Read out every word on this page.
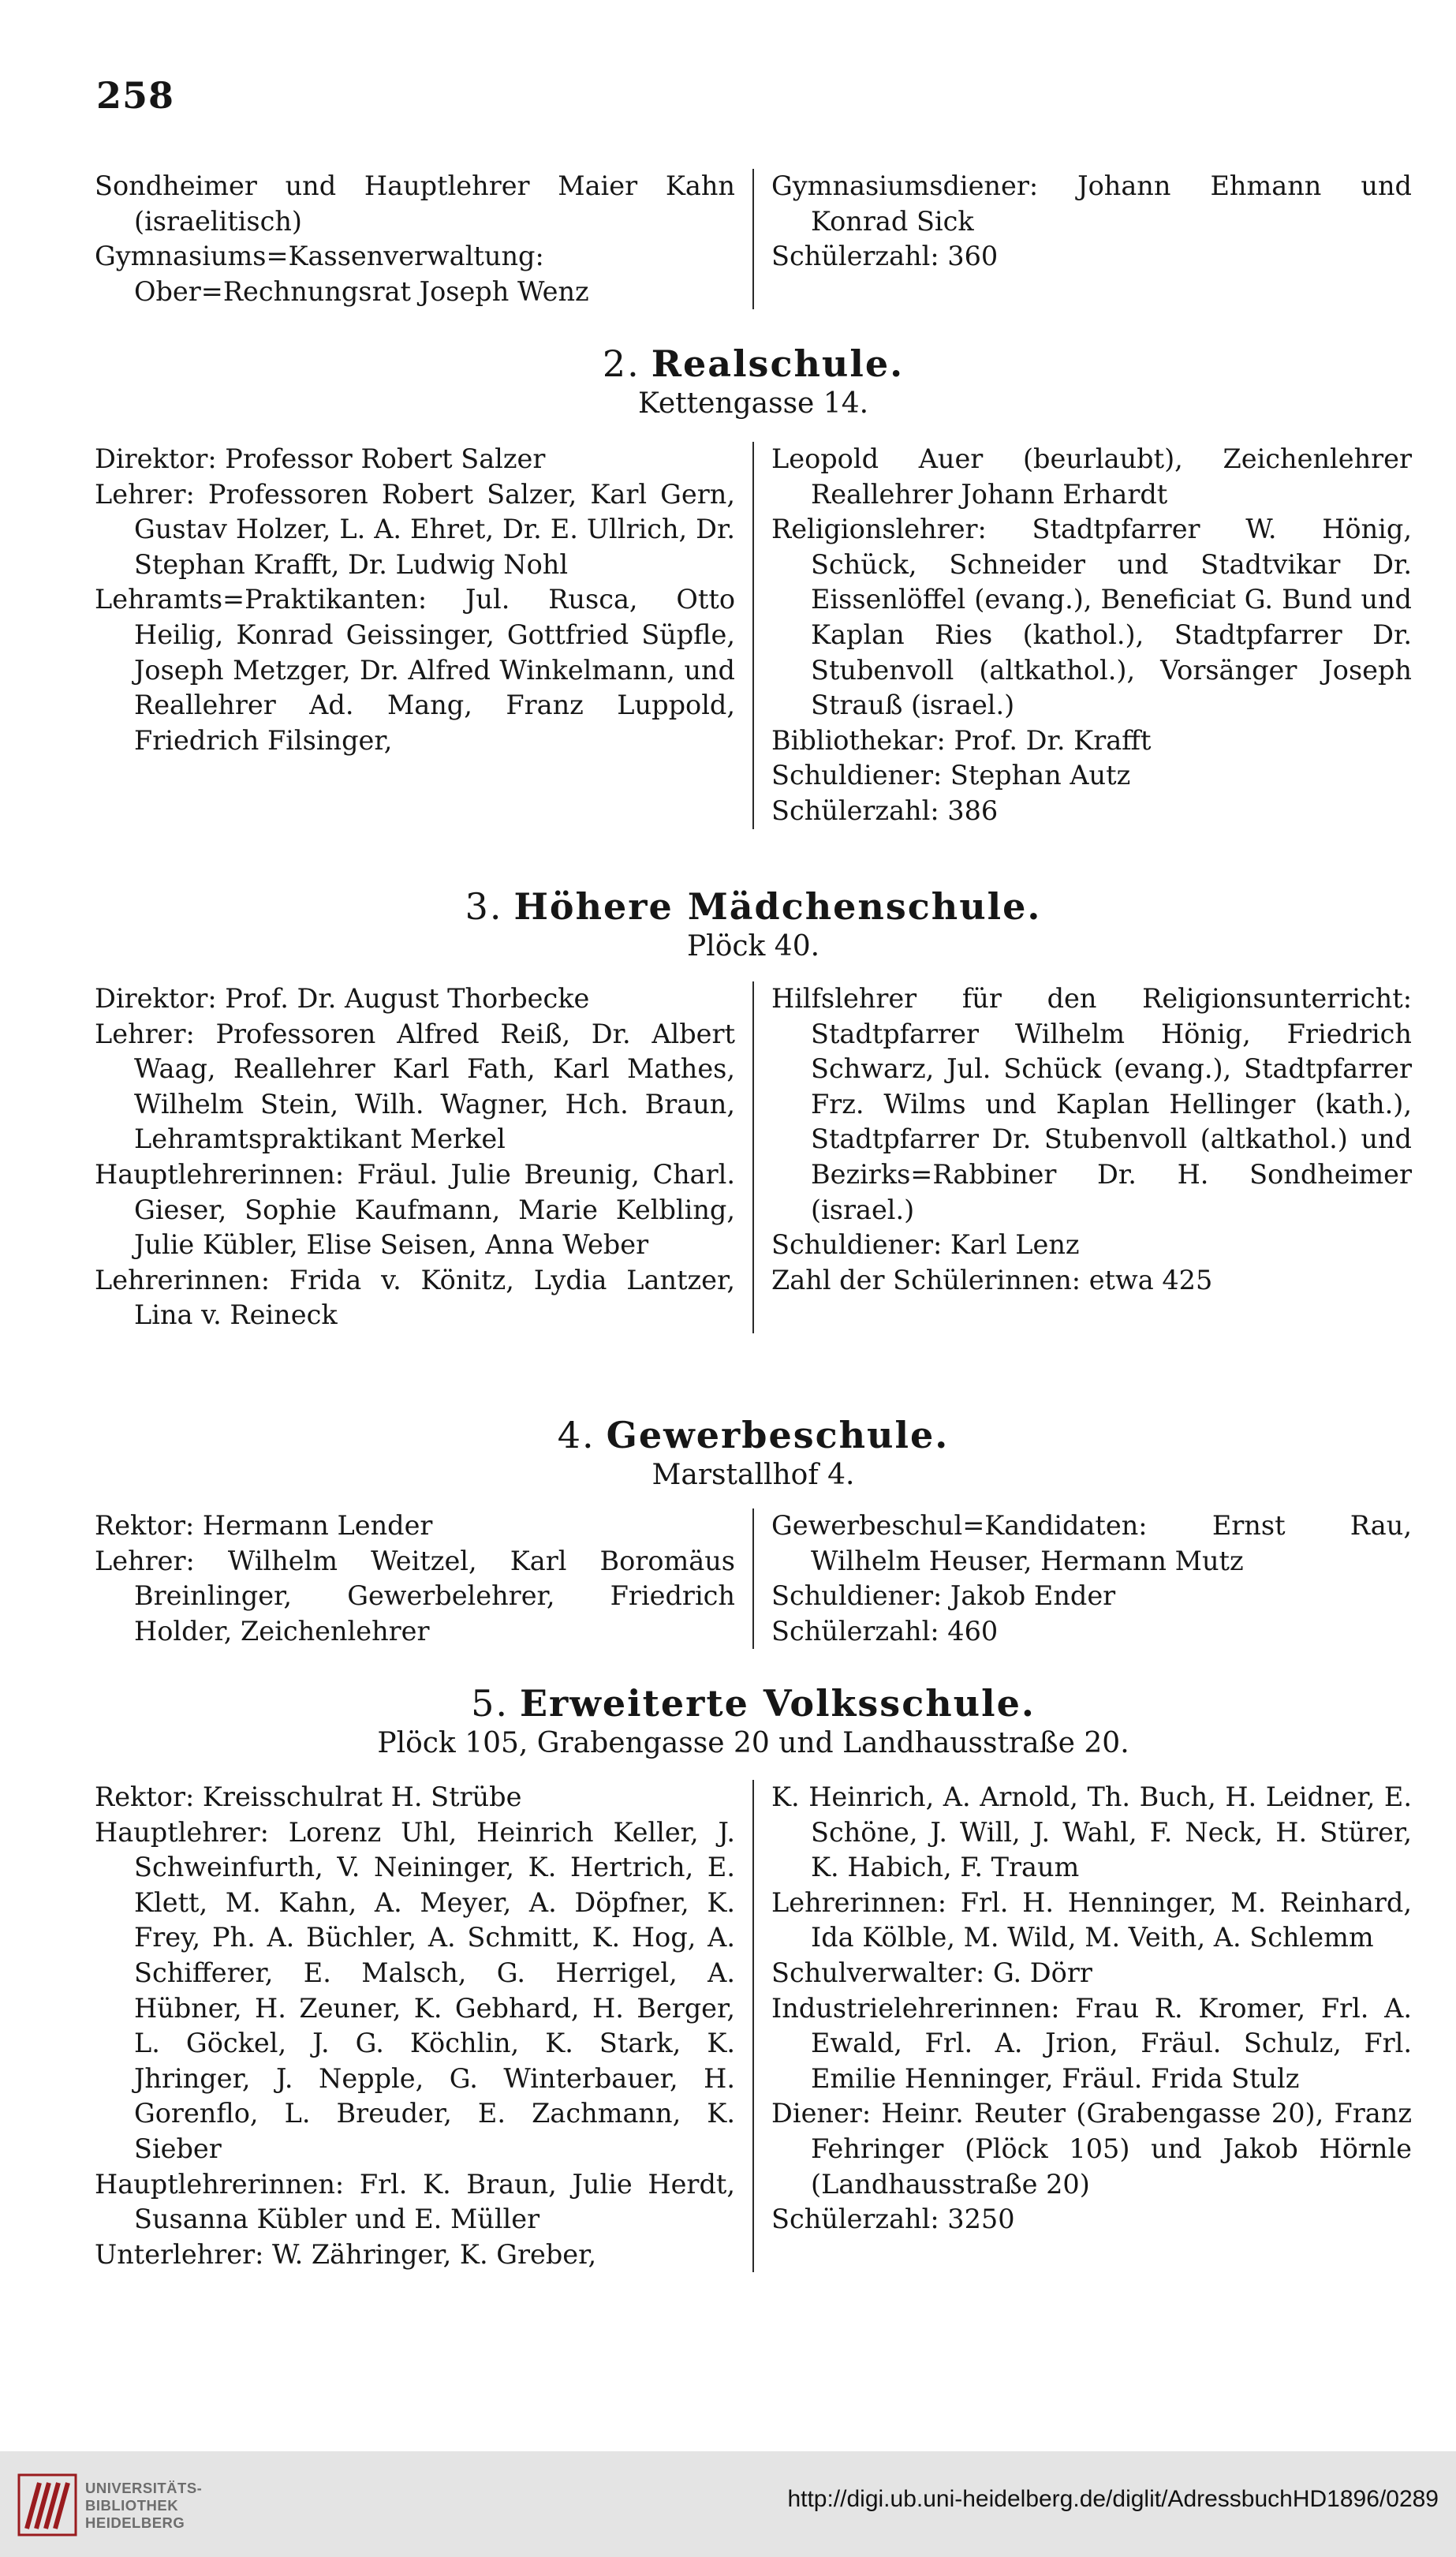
258

Sondheimer und Hauptlehrer Maier Kahn (israelitisch)

Gymnasiums=Kassenverwaltung: Ober=Rechnungsrat Joseph Wenz

Gymnasiumsdiener: Johann Ehmann und Konrad Sick

Schülerzahl: 360

2. Realschule.
Kettengasse 14.

Direktor: Professor Robert Salzer

Lehrer: Professoren Robert Salzer, Karl Gern, Gustav Holzer, L. A. Ehret, Dr. E. Ullrich, Dr. Stephan Krafft, Dr. Ludwig Nohl

Lehramts=Praktikanten: Jul. Rusca, Otto Heilig, Konrad Geissinger, Gottfried Süpfle, Joseph Metzger, Dr. Alfred Winkelmann, und Reallehrer Ad. Mang, Franz Luppold, Friedrich Filsinger,

Leopold Auer (beurlaubt), Zeichenlehrer Reallehrer Johann Erhardt

Religionslehrer: Stadtpfarrer W. Hönig, Schück, Schneider und Stadtvikar Dr. Eissenlöffel (evang.), Beneficiat G. Bund und Kaplan Ries (kathol.), Stadtpfarrer Dr. Stubenvoll (altkathol.), Vorsänger Joseph Strauß (israel.)

Bibliothekar: Prof. Dr. Krafft

Schuldiener: Stephan Autz

Schülerzahl: 386

3. Höhere Mädchenschule.
Plöck 40.

Direktor: Prof. Dr. August Thorbecke

Lehrer: Professoren Alfred Reiß, Dr. Albert Waag, Reallehrer Karl Fath, Karl Mathes, Wilhelm Stein, Wilh. Wagner, Hch. Braun, Lehramtspraktikant Merkel

Hauptlehrerinnen: Fräul. Julie Breunig, Charl. Gieser, Sophie Kaufmann, Marie Kelbling, Julie Kübler, Elise Seisen, Anna Weber

Lehrerinnen: Frida v. Könitz, Lydia Lantzer, Lina v. Reineck

Hilfslehrer für den Religionsunterricht: Stadtpfarrer Wilhelm Hönig, Friedrich Schwarz, Jul. Schück (evang.), Stadtpfarrer Frz. Wilms und Kaplan Hellinger (kath.), Stadtpfarrer Dr. Stubenvoll (altkathol.) und Bezirks=Rabbiner Dr. H. Sondheimer (israel.)

Schuldiener: Karl Lenz

Zahl der Schülerinnen: etwa 425

4. Gewerbeschule.
Marstallhof 4.

Rektor: Hermann Lender

Lehrer: Wilhelm Weitzel, Karl Boromäus Breinlinger, Gewerbelehrer, Friedrich Holder, Zeichenlehrer

Gewerbeschul=Kandidaten: Ernst Rau, Wilhelm Heuser, Hermann Mutz

Schuldiener: Jakob Ender

Schülerzahl: 460

5. Erweiterte Volksschule.
Plöck 105, Grabengasse 20 und Landhausstraße 20.

Rektor: Kreisschulrat H. Strübe

Hauptlehrer: Lorenz Uhl, Heinrich Keller, J. Schweinfurth, V. Neininger, K. Hertrich, E. Klett, M. Kahn, A. Meyer, A. Döpfner, K. Frey, Ph. A. Büchler, A. Schmitt, K. Hog, A. Schifferer, E. Malsch, G. Herrigel, A. Hübner, H. Zeuner, K. Gebhard, H. Berger, L. Göckel, J. G. Köchlin, K. Stark, K. Jhringer, J. Nepple, G. Winterbauer, H. Gorenflo, L. Breuder, E. Zachmann, K. Sieber

Hauptlehrerinnen: Frl. K. Braun, Julie Herdt, Susanna Kübler und E. Müller

Unterlehrer: W. Zähringer, K. Greber,

K. Heinrich, A. Arnold, Th. Buch, H. Leidner, E. Schöne, J. Will, J. Wahl, F. Neck, H. Stürer, K. Habich, F. Traum

Lehrerinnen: Frl. H. Henninger, M. Reinhard, Ida Kölble, M. Wild, M. Veith, A. Schlemm

Schulverwalter: G. Dörr

Industrielehrerinnen: Frau R. Kromer, Frl. A. Ewald, Frl. A. Jrion, Fräul. Schulz, Frl. Emilie Henninger, Fräul. Frida Stulz

Diener: Heinr. Reuter (Grabengasse 20), Franz Fehringer (Plöck 105) und Jakob Hörnle (Landhausstraße 20)

Schülerzahl: 3250

UNIVERSITÄTS-
BIBLIOTHEK
HEIDELBERG
http://digi.ub.uni-heidelberg.de/diglit/AdressbuchHD1896/0289
